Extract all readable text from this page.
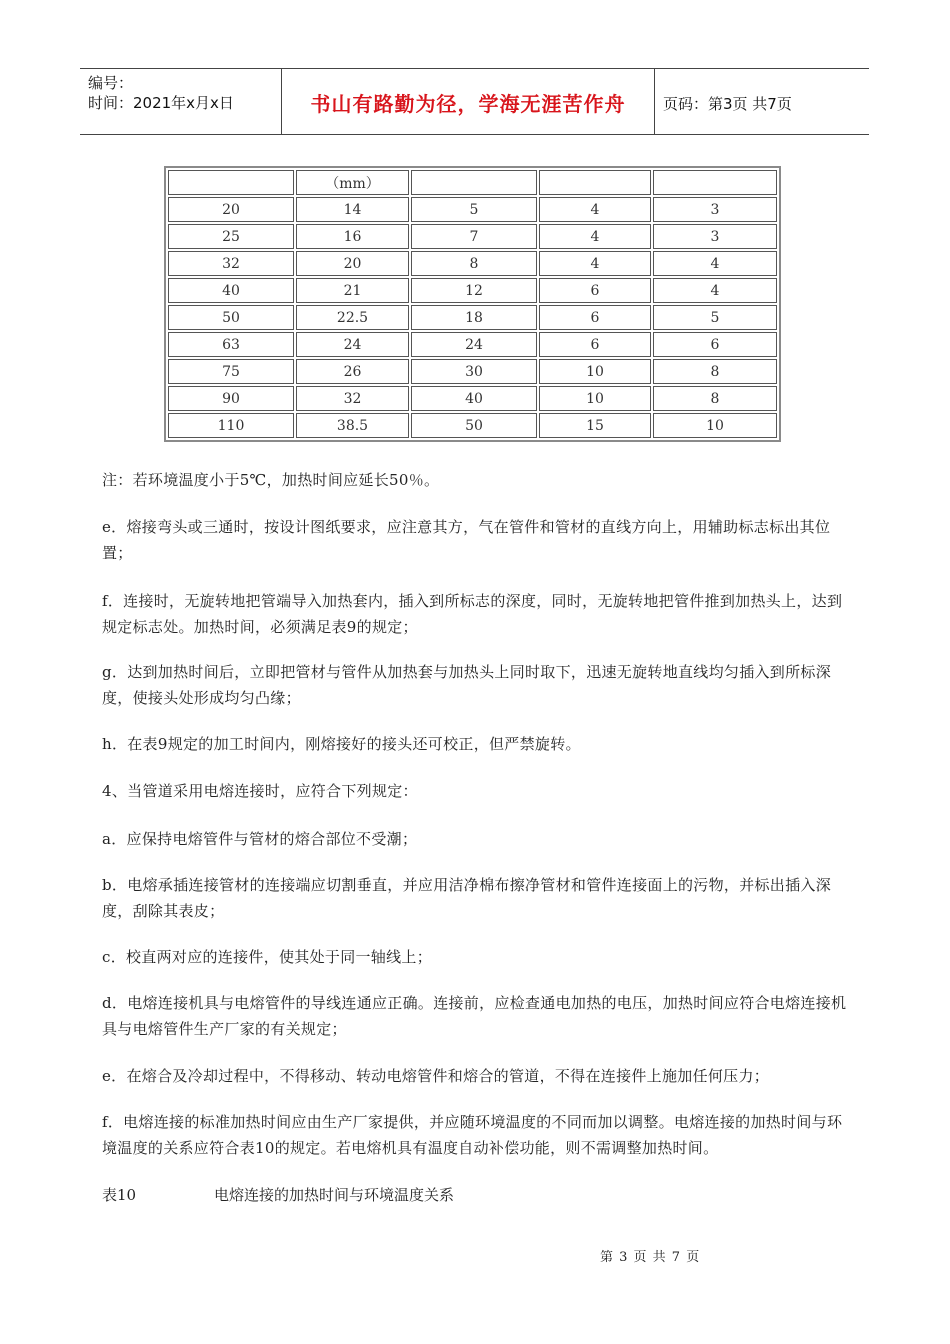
编号：
时间：2021年x月x日	书山有路勤为径，学海无涯苦作舟	页码：第3页 共7页
	（mm）			
20	14	5	4	3
25	16	7	4	3
32	20	8	4	4
40	21	12	6	4
50	22.5	18	6	5
63	24	24	6	6
75	26	30	10	8
90	32	40	10	8
110	38.5	50	15	10
注：若环境温度小于5℃，加热时间应延长50％。
e．熔接弯头或三通时，按设计图纸要求，应注意其方，气在管件和管材的直线方向上，用辅助标志标出其位置；
f．连接时，无旋转地把管端导入加热套内，插入到所标志的深度，同时，无旋转地把管件推到加热头上，达到规定标志处。加热时间，必须满足表9的规定；
g．达到加热时间后，立即把管材与管件从加热套与加热头上同时取下，迅速无旋转地直线均匀插入到所标深度，使接头处形成均匀凸缘；
h．在表9规定的加工时间内，刚熔接好的接头还可校正，但严禁旋转。
4、当管道采用电熔连接时，应符合下列规定：
a．应保持电熔管件与管材的熔合部位不受潮；
b．电熔承插连接管材的连接端应切割垂直，并应用洁净棉布擦净管材和管件连接面上的污物，并标出插入深度，刮除其表皮；
c．校直两对应的连接件，使其处于同一轴线上；
d．电熔连接机具与电熔管件的导线连通应正确。连接前，应检查通电加热的电压，加热时间应符合电熔连接机具与电熔管件生产厂家的有关规定；
e．在熔合及冷却过程中，不得移动、转动电熔管件和熔合的管道，不得在连接件上施加任何压力；
f．电熔连接的标准加热时间应由生产厂家提供，并应随环境温度的不同而加以调整。电熔连接的加热时间与环境温度的关系应符合表10的规定。若电熔机具有温度自动补偿功能，则不需调整加热时间。
表10	电熔连接的加热时间与环境温度关系
第 3 页 共 7 页
